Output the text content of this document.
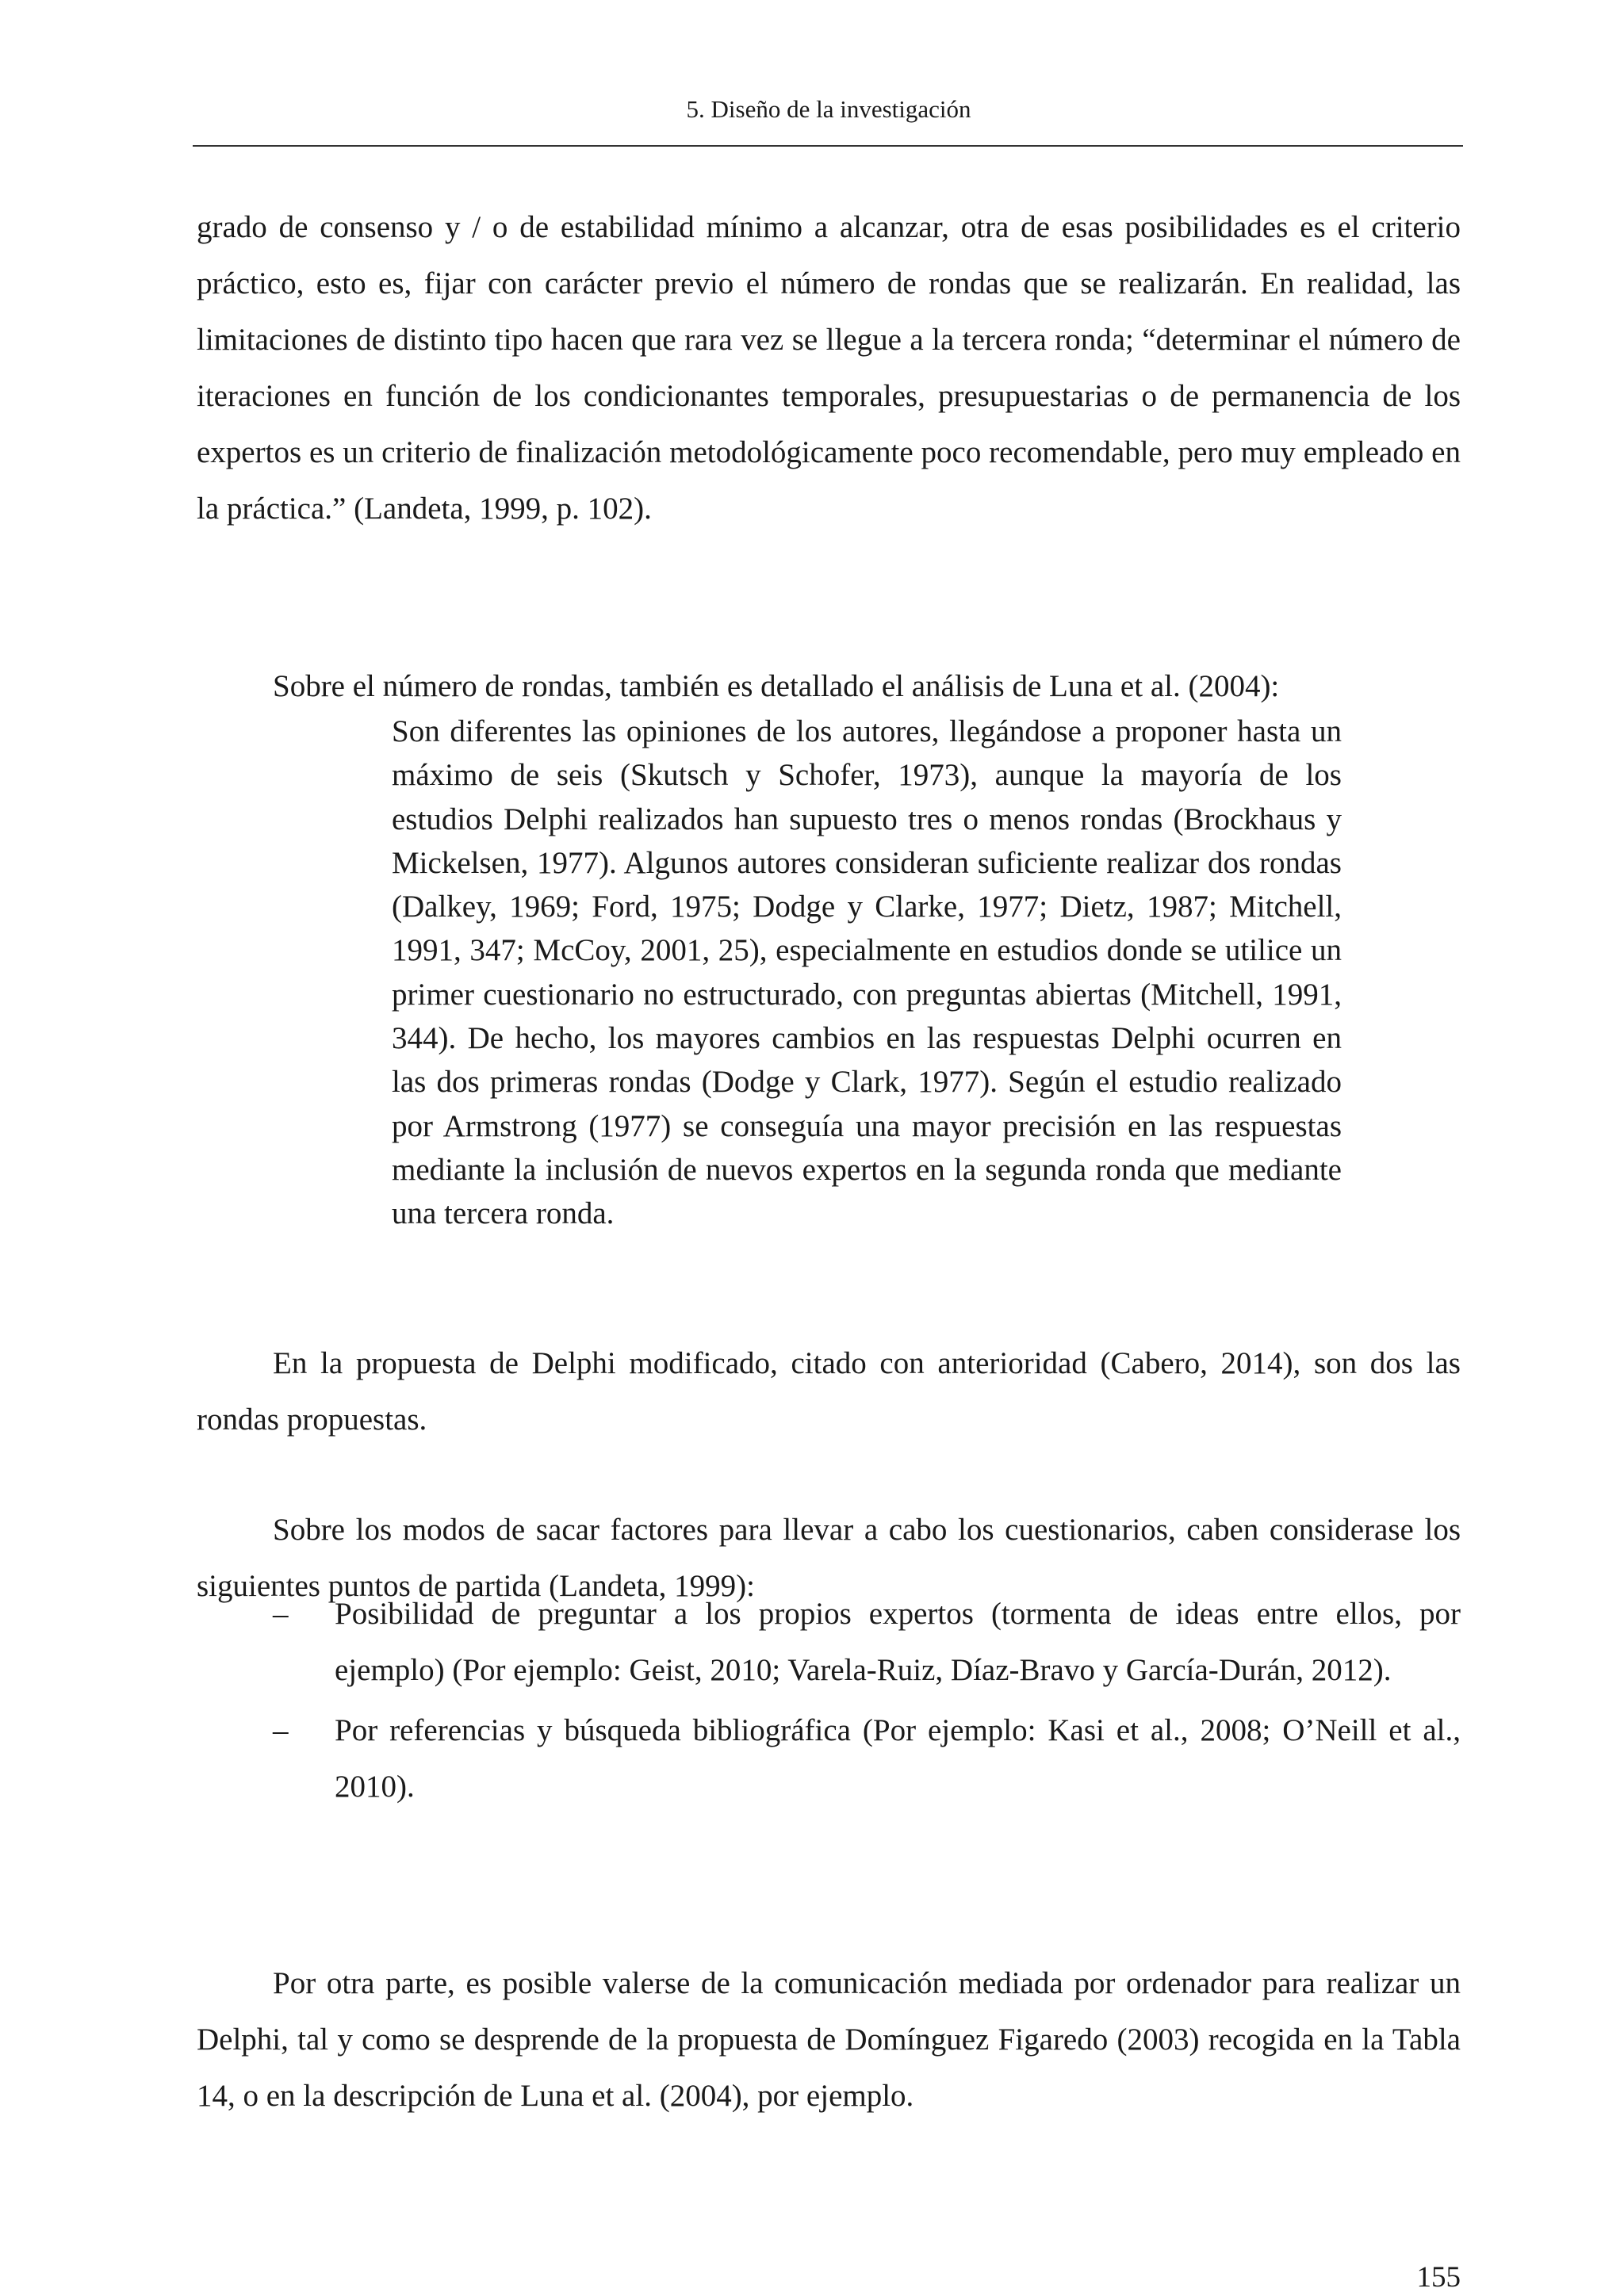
5. Diseño de la investigación

grado de consenso y / o de estabilidad mínimo a alcanzar, otra de esas posibilidades es el criterio práctico, esto es, fijar con carácter previo el número de rondas que se realizarán. En realidad, las limitaciones de distinto tipo hacen que rara vez se llegue a la tercera ronda; “determinar el número de iteraciones en función de los condicionantes temporales, presupuestarias o de permanencia de los expertos es un criterio de finalización metodológicamente poco recomendable, pero muy empleado en la práctica.” (Landeta, 1999, p. 102).

Sobre el número de rondas, también es detallado el análisis de Luna et al. (2004):

Son diferentes las opiniones de los autores, llegándose a proponer hasta un máximo de seis (Skutsch y Schofer, 1973), aunque la mayoría de los estudios Delphi realizados han supuesto tres o menos rondas (Brockhaus y Mickelsen, 1977). Algunos autores consideran suficiente realizar dos rondas (Dalkey, 1969; Ford, 1975; Dodge y Clarke, 1977; Dietz, 1987; Mitchell, 1991, 347; McCoy, 2001, 25), especialmente en estudios donde se utilice un primer cuestionario no estructurado, con preguntas abiertas (Mitchell, 1991, 344). De hecho, los mayores cambios en las respuestas Delphi ocurren en las dos primeras rondas (Dodge y Clark, 1977). Según el estudio realizado por Armstrong (1977) se conseguía una mayor precisión en las respuestas mediante la inclusión de nuevos expertos en la segunda ronda que mediante una tercera ronda.

En la propuesta de Delphi modificado, citado con anterioridad (Cabero, 2014), son dos las rondas propuestas.

Sobre los modos de sacar factores para llevar a cabo los cuestionarios, caben considerase los siguientes puntos de partida (Landeta, 1999):

– Posibilidad de preguntar a los propios expertos (tormenta de ideas entre ellos, por ejemplo) (Por ejemplo: Geist, 2010; Varela-Ruiz, Díaz-Bravo y García-Durán, 2012).
– Por referencias y búsqueda bibliográfica (Por ejemplo: Kasi et al., 2008; O’Neill et al., 2010).

Por otra parte, es posible valerse de la comunicación mediada por ordenador para realizar un Delphi, tal y como se desprende de la propuesta de Domínguez Figaredo (2003) recogida en la Tabla 14, o en la descripción de Luna et al. (2004), por ejemplo.

155
